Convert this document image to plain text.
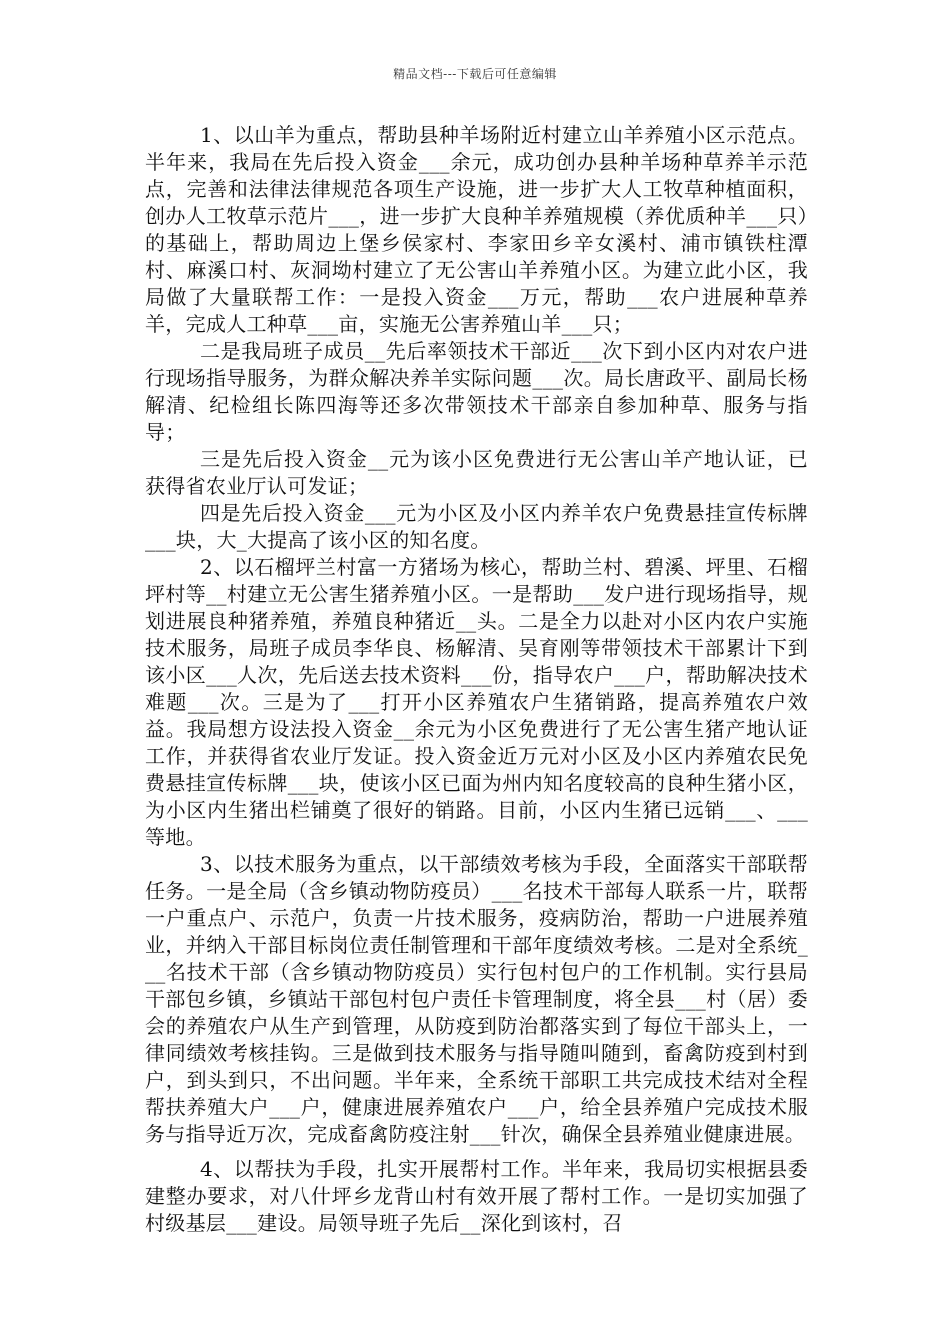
精品文档---下载后可任意编辑

1、以山羊为重点，帮助县种羊场附近村建立山羊养殖小区示范点。半年来，我局在先后投入资金___余元，成功创办县种羊场种草养羊示范点，完善和法律法律规范各项生产设施，进一步扩大人工牧草种植面积，创办人工牧草示范片___，进一步扩大良种羊养殖规模（养优质种羊___只）的基础上，帮助周边上堡乡侯家村、李家田乡辛女溪村、浦市镇铁柱潭村、麻溪口村、灰洞坳村建立了无公害山羊养殖小区。为建立此小区，我局做了大量联帮工作：一是投入资金___万元，帮助___农户进展种草养羊，完成人工种草___亩，实施无公害养殖山羊___只；

二是我局班子成员__先后率领技术干部近___次下到小区内对农户进行现场指导服务，为群众解决养羊实际问题___次。局长唐政平、副局长杨解清、纪检组长陈四海等还多次带领技术干部亲自参加种草、服务与指导；

三是先后投入资金__元为该小区免费进行无公害山羊产地认证，已获得省农业厅认可发证；

四是先后投入资金___元为小区及小区内养羊农户免费悬挂宣传标牌___块，大_大提高了该小区的知名度。

2、以石榴坪兰村富一方猪场为核心，帮助兰村、碧溪、坪里、石榴坪村等__村建立无公害生猪养殖小区。一是帮助___发户进行现场指导，规划进展良种猪养殖，养殖良种猪近__头。二是全力以赴对小区内农户实施技术服务，局班子成员李华良、杨解清、吴育刚等带领技术干部累计下到该小区___人次，先后送去技术资料___份，指导农户___户，帮助解决技术难题___次。三是为了___打开小区养殖农户生猪销路，提高养殖农户效益。我局想方设法投入资金__余元为小区免费进行了无公害生猪产地认证工作，并获得省农业厅发证。投入资金近万元对小区及小区内养殖农民免费悬挂宣传标牌___块，使该小区已面为州内知名度较高的良种生猪小区，为小区内生猪出栏铺奠了很好的销路。目前，小区内生猪已远销___、___等地。

3、以技术服务为重点，以干部绩效考核为手段，全面落实干部联帮任务。一是全局（含乡镇动物防疫员）___名技术干部每人联系一片，联帮一户重点户、示范户，负责一片技术服务，疫病防治，帮助一户进展养殖业，并纳入干部目标岗位责任制管理和干部年度绩效考核。二是对全系统___名技术干部（含乡镇动物防疫员）实行包村包户的工作机制。实行县局干部包乡镇，乡镇站干部包村包户责任卡管理制度，将全县___村（居）委会的养殖农户从生产到管理，从防疫到防治都落实到了每位干部头上，一律同绩效考核挂钩。三是做到技术服务与指导随叫随到，畜禽防疫到村到户，到头到只，不出问题。半年来，全系统干部职工共完成技术结对全程帮扶养殖大户___户，健康进展养殖农户___户，给全县养殖户完成技术服务与指导近万次，完成畜禽防疫注射___针次，确保全县养殖业健康进展。

4、以帮扶为手段，扎实开展帮村工作。半年来，我局切实根据县委建整办要求，对八什坪乡龙背山村有效开展了帮村工作。一是切实加强了村级基层___建设。局领导班子先后__深化到该村，召
